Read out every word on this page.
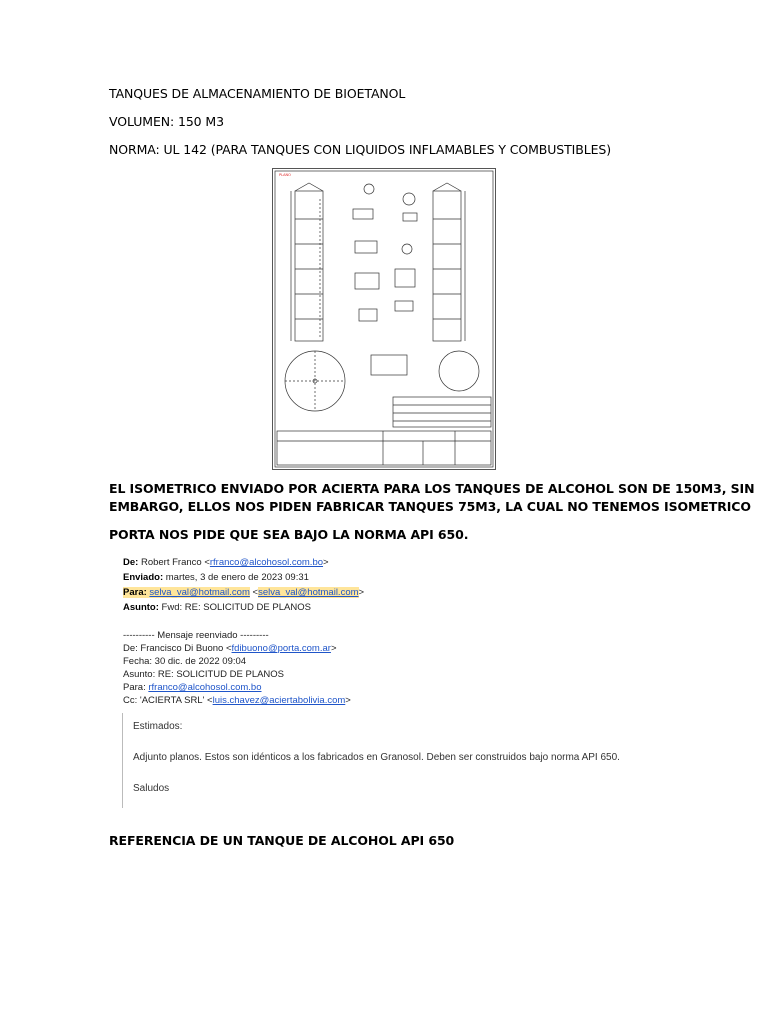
TANQUES DE ALMACENAMIENTO DE BIOETANOL
VOLUMEN: 150 M3
NORMA: UL 142 (PARA TANQUES CON LIQUIDOS INFLAMABLES Y COMBUSTIBLES)
PLANO
EL ISOMETRICO ENVIADO POR ACIERTA PARA LOS TANQUES DE ALCOHOL SON DE 150M3, SIN
EMBARGO, ELLOS NOS PIDEN FABRICAR TANQUES 75M3, LA CUAL NO TENEMOS ISOMETRICO
PORTA NOS PIDE QUE SEA BAJO LA NORMA API 650.
De: Robert Franco <rfranco@alcohosol.com.bo>
Enviado: martes, 3 de enero de 2023 09:31
Para: selva_val@hotmail.com <selva_val@hotmail.com>
Asunto: Fwd: RE: SOLICITUD DE PLANOS
---------- Mensaje reenviado ---------
De: Francisco Di Buono <fdibuono@porta.com.ar>
Fecha: 30 dic. de 2022 09:04
Asunto: RE: SOLICITUD DE PLANOS
Para: rfranco@alcohosol.com.bo
Cc: 'ACIERTA SRL' <luis.chavez@aciertabolivia.com>
Estimados:
Adjunto planos. Estos son idénticos a los fabricados en Granosol. Deben ser construidos bajo norma API 650.
Saludos
REFERENCIA DE UN TANQUE DE ALCOHOL API 650
